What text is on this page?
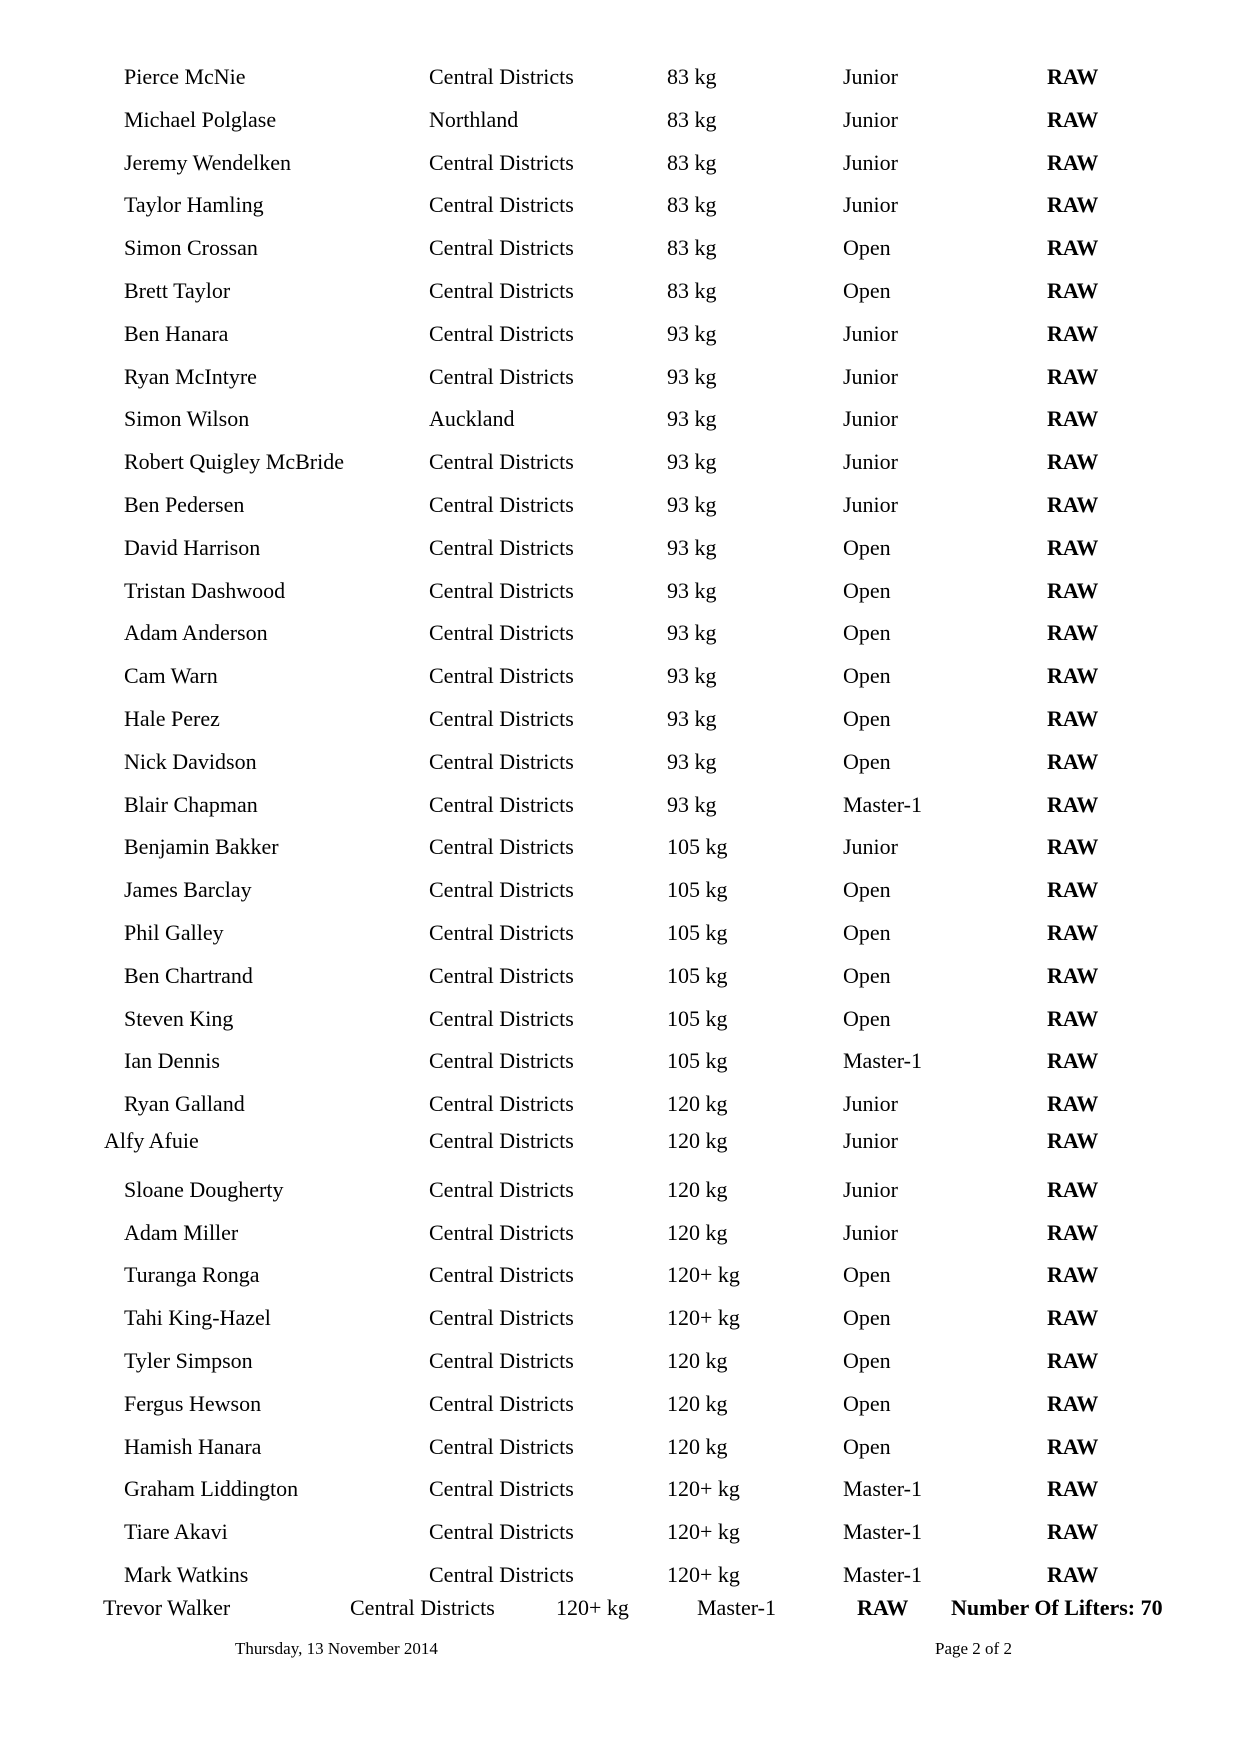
Pierce McNie	Central Districts	83 kg	Junior	RAW
Michael Polglase	Northland	83 kg	Junior	RAW
Jeremy Wendelken	Central Districts	83 kg	Junior	RAW
Taylor Hamling	Central Districts	83 kg	Junior	RAW
Simon Crossan	Central Districts	83 kg	Open	RAW
Brett Taylor	Central Districts	83 kg	Open	RAW
Ben Hanara	Central Districts	93 kg	Junior	RAW
Ryan McIntyre	Central Districts	93 kg	Junior	RAW
Simon Wilson	Auckland	93 kg	Junior	RAW
Robert Quigley McBride	Central Districts	93 kg	Junior	RAW
Ben Pedersen	Central Districts	93 kg	Junior	RAW
David Harrison	Central Districts	93 kg	Open	RAW
Tristan Dashwood	Central Districts	93 kg	Open	RAW
Adam Anderson	Central Districts	93 kg	Open	RAW
Cam Warn	Central Districts	93 kg	Open	RAW
Hale Perez	Central Districts	93 kg	Open	RAW
Nick Davidson	Central Districts	93 kg	Open	RAW
Blair Chapman	Central Districts	93 kg	Master-1	RAW
Benjamin Bakker	Central Districts	105 kg	Junior	RAW
James Barclay	Central Districts	105 kg	Open	RAW
Phil Galley	Central Districts	105 kg	Open	RAW
Ben Chartrand	Central Districts	105 kg	Open	RAW
Steven King	Central Districts	105 kg	Open	RAW
Ian Dennis	Central Districts	105 kg	Master-1	RAW
Ryan Galland	Central Districts	120 kg	Junior	RAW
Alfy Afuie	Central Districts	120 kg	Junior	RAW
Sloane Dougherty	Central Districts	120 kg	Junior	RAW
Adam Miller	Central Districts	120 kg	Junior	RAW
Turanga Ronga	Central Districts	120+ kg	Open	RAW
Tahi King-Hazel	Central Districts	120+ kg	Open	RAW
Tyler Simpson	Central Districts	120 kg	Open	RAW
Fergus Hewson	Central Districts	120 kg	Open	RAW
Hamish Hanara	Central Districts	120 kg	Open	RAW
Graham Liddington	Central Districts	120+ kg	Master-1	RAW
Tiare Akavi	Central Districts	120+ kg	Master-1	RAW
Mark Watkins	Central Districts	120+ kg	Master-1	RAW
Trevor Walker	Central Districts	120+ kg	Master-1	RAW Number Of Lifters: 70
Thursday, 13 November 2014	Page 2 of 2
